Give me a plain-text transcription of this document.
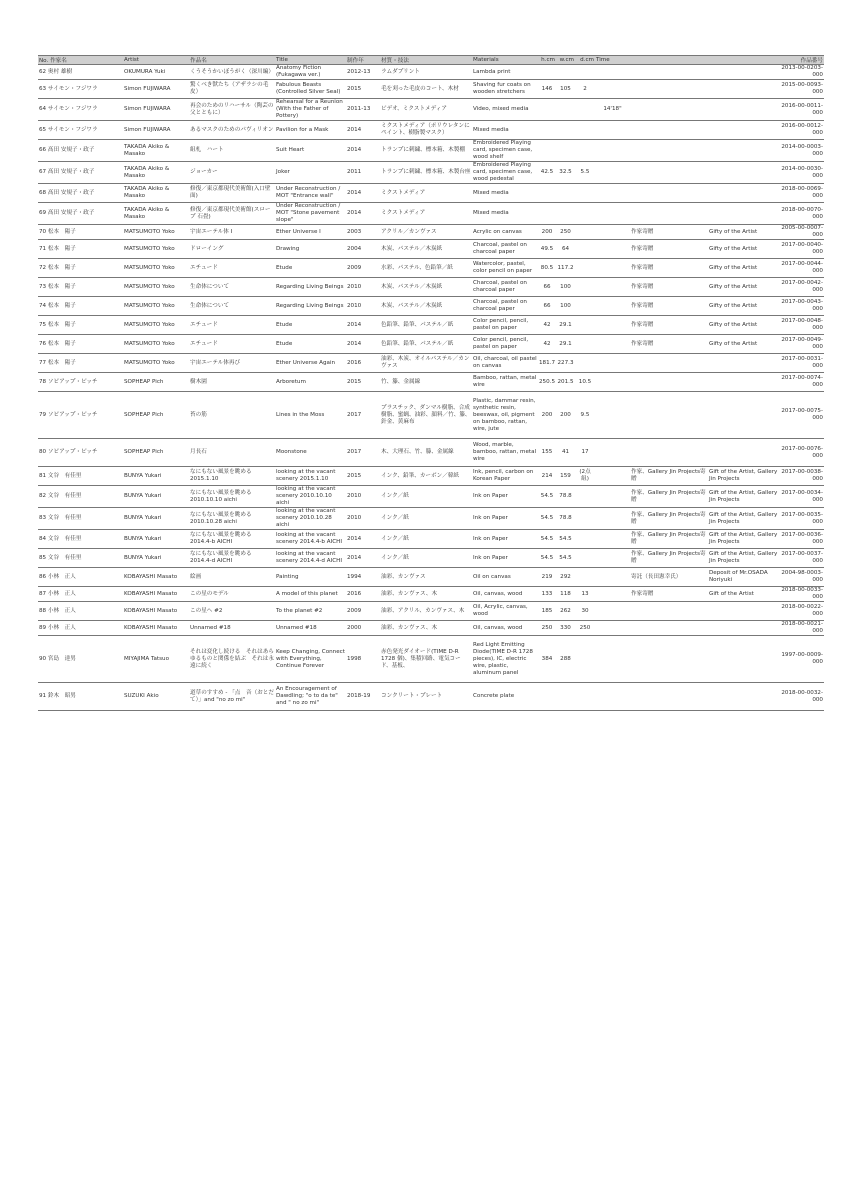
No. 作家名	Artist	作品名	Title	制作年	材質・技法	Materials	h.cm	w.cm	d.cm	Time			作品番号
62 奥村 雄樹	OKUMURA Yuki	くうそうかいぼうがく（深川編）	Anatomy Fiction (Fukagawa ver.)	2012-13	ラムダプリント	Lambda print							2013-00-0203-000
63 サイモン・フジワラ	Simon FUJIWARA	驚くべき獣たち（アザラシの毛皮）	Fabulous Beasts (Controlled Silver Seal)	2015	毛を刈った毛皮のコート、木材	Shaving fur coats on wooden stretchers	146	105	2				2015-00-0093-000
64 サイモン・フジワラ	Simon FUJIWARA	再会のためのリハーサル（陶芸の父とともに）	Rehearsal for a Reunion (With the Father of Pottery)	2011-13	ビデオ、ミクストメディア	Video, mixed media				14'18"			2016-00-0011-000
65 サイモン・フジワラ	Simon FUJIWARA	あるマスクのためのパヴィリオン	Pavilion for a Mask	2014	ミクストメディア（ポリウレタンにペイント、樹脂製マスク）	Mixed media							2016-00-0012-000
66 髙田 安規子・政子	TAKADA Akiko & Masako	組札　ハート	Suit Heart	2014	トランプに刺繍、標本箱、木製棚	Embroidered Playing card, specimen case, wood shelf							2014-00-0003-000
67 髙田 安規子・政子	TAKADA Akiko & Masako	ジョーカー	Joker	2011	トランプに刺繍、標本箱、木製台座	Embroidered Playing card, specimen case, wood pedestal	42.5	32.5	5.5				2014-00-0030-000
68 髙田 安規子・政子	TAKADA Akiko & Masako	修復／東京都現代美術館(入口壁面)	Under Reconstruction / MOT "Entrance wall"	2014	ミクストメディア	Mixed media							2018-00-0069-000
69 髙田 安規子・政子	TAKADA Akiko & Masako	修復／東京都現代美術館(スロープ 石畳)	Under Reconstruction / MOT "Stone pavement slope"	2014	ミクストメディア	Mixed media							2018-00-0070-000
70 松本　陽子	MATSUMOTO Yoko	宇宙エーテル体 Ⅰ	Ether Universe Ⅰ	2003	アクリル／カンヴァス	Acrylic on canvas	200	250			作家寄贈	Gifty of the Artist	2005-00-0007-000
71 松本　陽子	MATSUMOTO Yoko	ドローイング	Drawing	2004	木炭、パステル／木炭紙	Charcoal, pastel on charcoal paper	49.5	64			作家寄贈	Gifty of the Artist	2017-00-0040-000
72 松本　陽子	MATSUMOTO Yoko	エチュード	Etude	2009	水彩、パステル、色鉛筆／紙	Watercolor, pastel, color pencil on paper	80.5	117.2			作家寄贈	Gifty of the Artist	2017-00-0044-000
73 松本　陽子	MATSUMOTO Yoko	生命体について	Regarding Living Beings	2010	木炭、パステル／木炭紙	Charcoal, pastel on charcoal paper	66	100			作家寄贈	Gifty of the Artist	2017-00-0042-000
74 松本　陽子	MATSUMOTO Yoko	生命体について	Regarding Living Beings	2010	木炭、パステル／木炭紙	Charcoal, pastel on charcoal paper	66	100			作家寄贈	Gifty of the Artist	2017-00-0043-000
75 松本　陽子	MATSUMOTO Yoko	エチュード	Etude	2014	色鉛筆、鉛筆、パステル／紙	Color pencil, pencil, pastel on paper	42	29.1			作家寄贈	Gifty of the Artist	2017-00-0048-000
76 松本　陽子	MATSUMOTO Yoko	エチュード	Etude	2014	色鉛筆、鉛筆、パステル／紙	Color pencil, pencil, pastel on paper	42	29.1			作家寄贈	Gifty of the Artist	2017-00-0049-000
77 松本　陽子	MATSUMOTO Yoko	宇宙エーテル体再び	Ether Universe Again	2016	油彩、木炭、オイルパステル／カンヴァス	Oil, charcoal, oil pastel on canvas	181.7	227.3					2017-00-0031-000
78 ソピアップ・ピッチ	SOPHEAP Pich	樹木園	Arboretum	2015	竹、籐、金属線	Bamboo, rattan, metal wire	250.5	201.5	10.5				2017-00-0074-000
79 ソピアップ・ピッチ	SOPHEAP Pich	苔の筋	Lines in the Moss	2017	プラスチック、ダンマル樹脂、合成樹脂、蜜蝋、油彩、顔料／竹、籐、針金、黄麻布	Plastic, dammar resin, synthetic resin, beeswax, oil, pigment on bamboo, rattan, wire, jute	200	200	9.5				2017-00-0075-000
80 ソピアップ・ピッチ	SOPHEAP Pich	月長石	Moonstone	2017	木、大理石、竹、籐、金属線	Wood, marble, bamboo, rattan, metal wire	155	41	17				2017-00-0076-000
81 文谷　有佳里	BUNYA Yukari	なにもない風景を眺める 2015.1.10	looking at the vacant scenery 2015.1.10	2015	インク、鉛筆、カーボン／韓紙	Ink, pencil, carbon on Korean Paper	214	159	(2点組)		作家、Gallery Jin Projects寄贈	Gift of the Artist, Gallery Jin Projects	2017-00-0038-000
82 文谷　有佳里	BUNYA Yukari	なにもない風景を眺める 2010.10.10 aichi	looking at the vacant scenery 2010.10.10 aichi	2010	インク／紙	Ink on Paper	54.5	78.8			作家、Gallery Jin Projects寄贈	Gift of the Artist, Gallery Jin Projects	2017-00-0034-000
83 文谷　有佳里	BUNYA Yukari	なにもない風景を眺める 2010.10.28 aichi	looking at the vacant scenery 2010.10.28 aichi	2010	インク／紙	Ink on Paper	54.5	78.8			作家、Gallery Jin Projects寄贈	Gift of the Artist, Gallery Jin Projects	2017-00-0035-000
84 文谷　有佳里	BUNYA Yukari	なにもない風景を眺める 2014.4-b AICHI	looking at the vacant scenery 2014.4-b AICHI	2014	インク／紙	Ink on Paper	54.5	54.5			作家、Gallery Jin Projects寄贈	Gift of the Artist, Gallery Jin Projects	2017-00-0036-000
85 文谷　有佳里	BUNYA Yukari	なにもない風景を眺める 2014.4-d AICHI	looking at the vacant scenery 2014.4-d AICHI	2014	インク／紙	Ink on Paper	54.5	54.5			作家、Gallery Jin Projects寄贈	Gift of the Artist, Gallery Jin Projects	2017-00-0037-000
86 小林　正人	KOBAYASHI Masato	絵画	Painting	1994	油彩、カンヴァス	Oil on canvas	219	292			寄託（長田憲幸氏）	Deposit of Mr.OSADA Noriyuki	2004-98-0003-000
87 小林　正人	KOBAYASHI Masato	この星のモデル	A model of this planet	2016	油彩、カンヴァス、木	Oil, canvas, wood	133	118	13		作家寄贈	Gift of the Artist	2018-00-0033-000
88 小林　正人	KOBAYASHI Masato	この星へ #2	To the planet #2	2009	油彩、アクリル、カンヴァス、木	Oil, Acrylic, canvas, wood	185	262	30				2018-00-0022-000
89 小林　正人	KOBAYASHI Masato	Unnamed #18	Unnamed #18	2000	油彩、カンヴァス、木	Oil, canvas, wood	250	330	250				2018-00-0021-000
90 宮島　達男	MIYAJIMA Tatsuo	それは変化し続ける　それはあらゆるものと関係を結ぶ　それは永遠に続く	Keep Changing, Connect with Everything, Continue Forever	1998	赤色発光ダイオード(TIME D-R 1728 個)、集積回路、電気コード、基板、	Red Light Emitting Diode(TIME D-R 1728 pieces), IC, electric wire, plastic, aluminum panel	384	288					1997-00-0009-000
91 鈴木　昭男	SUZUKI Akio	道草のすすめ - 「点　音（おとだて）」and "no zo mi"	An Encouragement of Dawdling; "o to da te" and " no zo mi"	2018-19	コンクリート・プレート	Concrete plate							2018-00-0032-000
